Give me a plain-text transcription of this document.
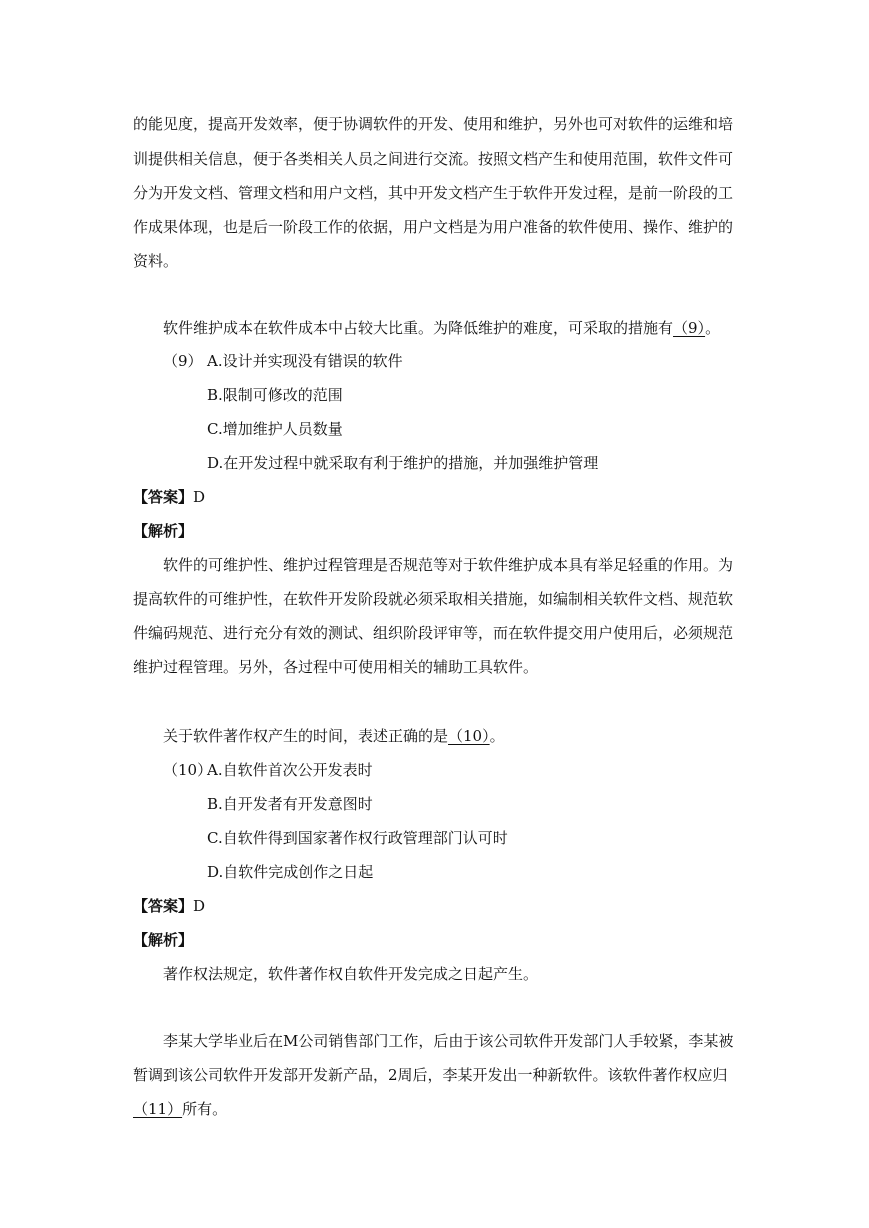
的能见度，提高开发效率，便于协调软件的开发、使用和维护，另外也可对软件的运维和培
训提供相关信息，便于各类相关人员之间进行交流。按照文档产生和使用范围，软件文件可
分为开发文档、管理文档和用户文档，其中开发文档产生于软件开发过程，是前一阶段的工
作成果体现，也是后一阶段工作的依据，用户文档是为用户准备的软件使用、操作、维护的
资料。
软件维护成本在软件成本中占较大比重。为降低维护的难度，可采取的措施有（9）。
（9） A.设计并实现没有错误的软件
B.限制可修改的范围
C.增加维护人员数量
D.在开发过程中就采取有利于维护的措施，并加强维护管理
【答案】D
【解析】
软件的可维护性、维护过程管理是否规范等对于软件维护成本具有举足轻重的作用。为
提高软件的可维护性，在软件开发阶段就必须采取相关措施，如编制相关软件文档、规范软
件编码规范、进行充分有效的测试、组织阶段评审等，而在软件提交用户使用后，必须规范
维护过程管理。另外，各过程中可使用相关的辅助工具软件。
关于软件著作权产生的时间，表述正确的是（10）。
（10）
A.自软件首次公开发表时
B.自开发者有开发意图时
C.自软件得到国家著作权行政管理部门认可时
D.自软件完成创作之日起
【答案】D
【解析】
著作权法规定，软件著作权自软件开发完成之日起产生。
李某大学毕业后在M公司销售部门工作，后由于该公司软件开发部门人手较紧，李某被
暂调到该公司软件开发部开发新产品，2周后，李某开发出一种新软件。该软件著作权应归
（11）所有。
